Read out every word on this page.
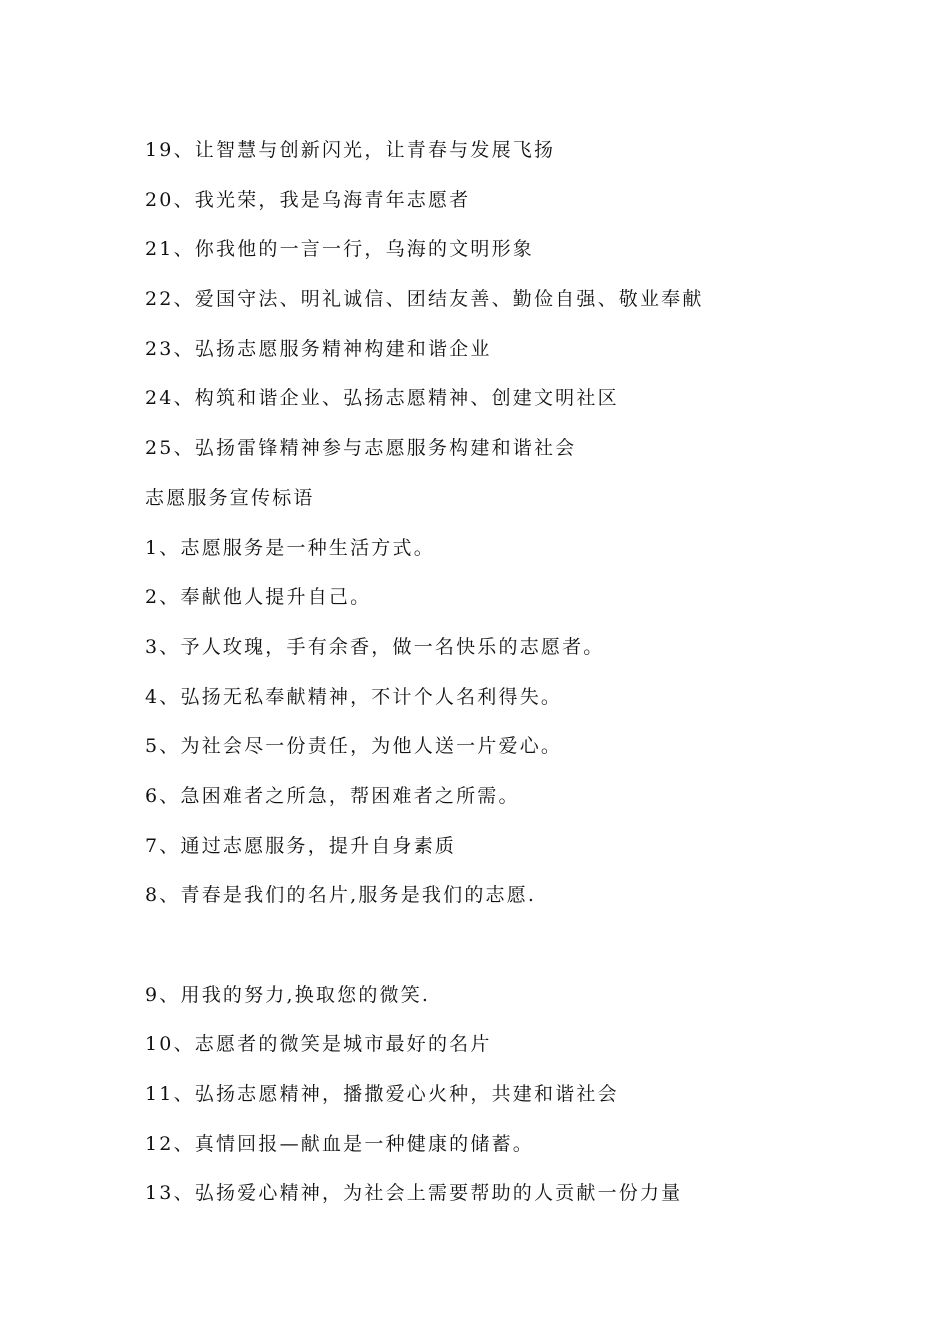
19、让智慧与创新闪光，让青春与发展飞扬
20、我光荣，我是乌海青年志愿者
21、你我他的一言一行，乌海的文明形象
22、爱国守法、明礼诚信、团结友善、勤俭自强、敬业奉献
23、弘扬志愿服务精神构建和谐企业
24、构筑和谐企业、弘扬志愿精神、创建文明社区
25、弘扬雷锋精神参与志愿服务构建和谐社会
志愿服务宣传标语
1、志愿服务是一种生活方式。
2、奉献他人提升自己。
3、予人玫瑰，手有余香，做一名快乐的志愿者。
4、弘扬无私奉献精神，不计个人名利得失。
5、为社会尽一份责任，为他人送一片爱心。
6、急困难者之所急，帮困难者之所需。
7、通过志愿服务，提升自身素质
8、青春是我们的名片,服务是我们的志愿.
9、用我的努力,换取您的微笑.
10、志愿者的微笑是城市最好的名片
11、弘扬志愿精神，播撒爱心火种，共建和谐社会
12、真情回报—献血是一种健康的储蓄。
13、弘扬爱心精神，为社会上需要帮助的人贡献一份力量
